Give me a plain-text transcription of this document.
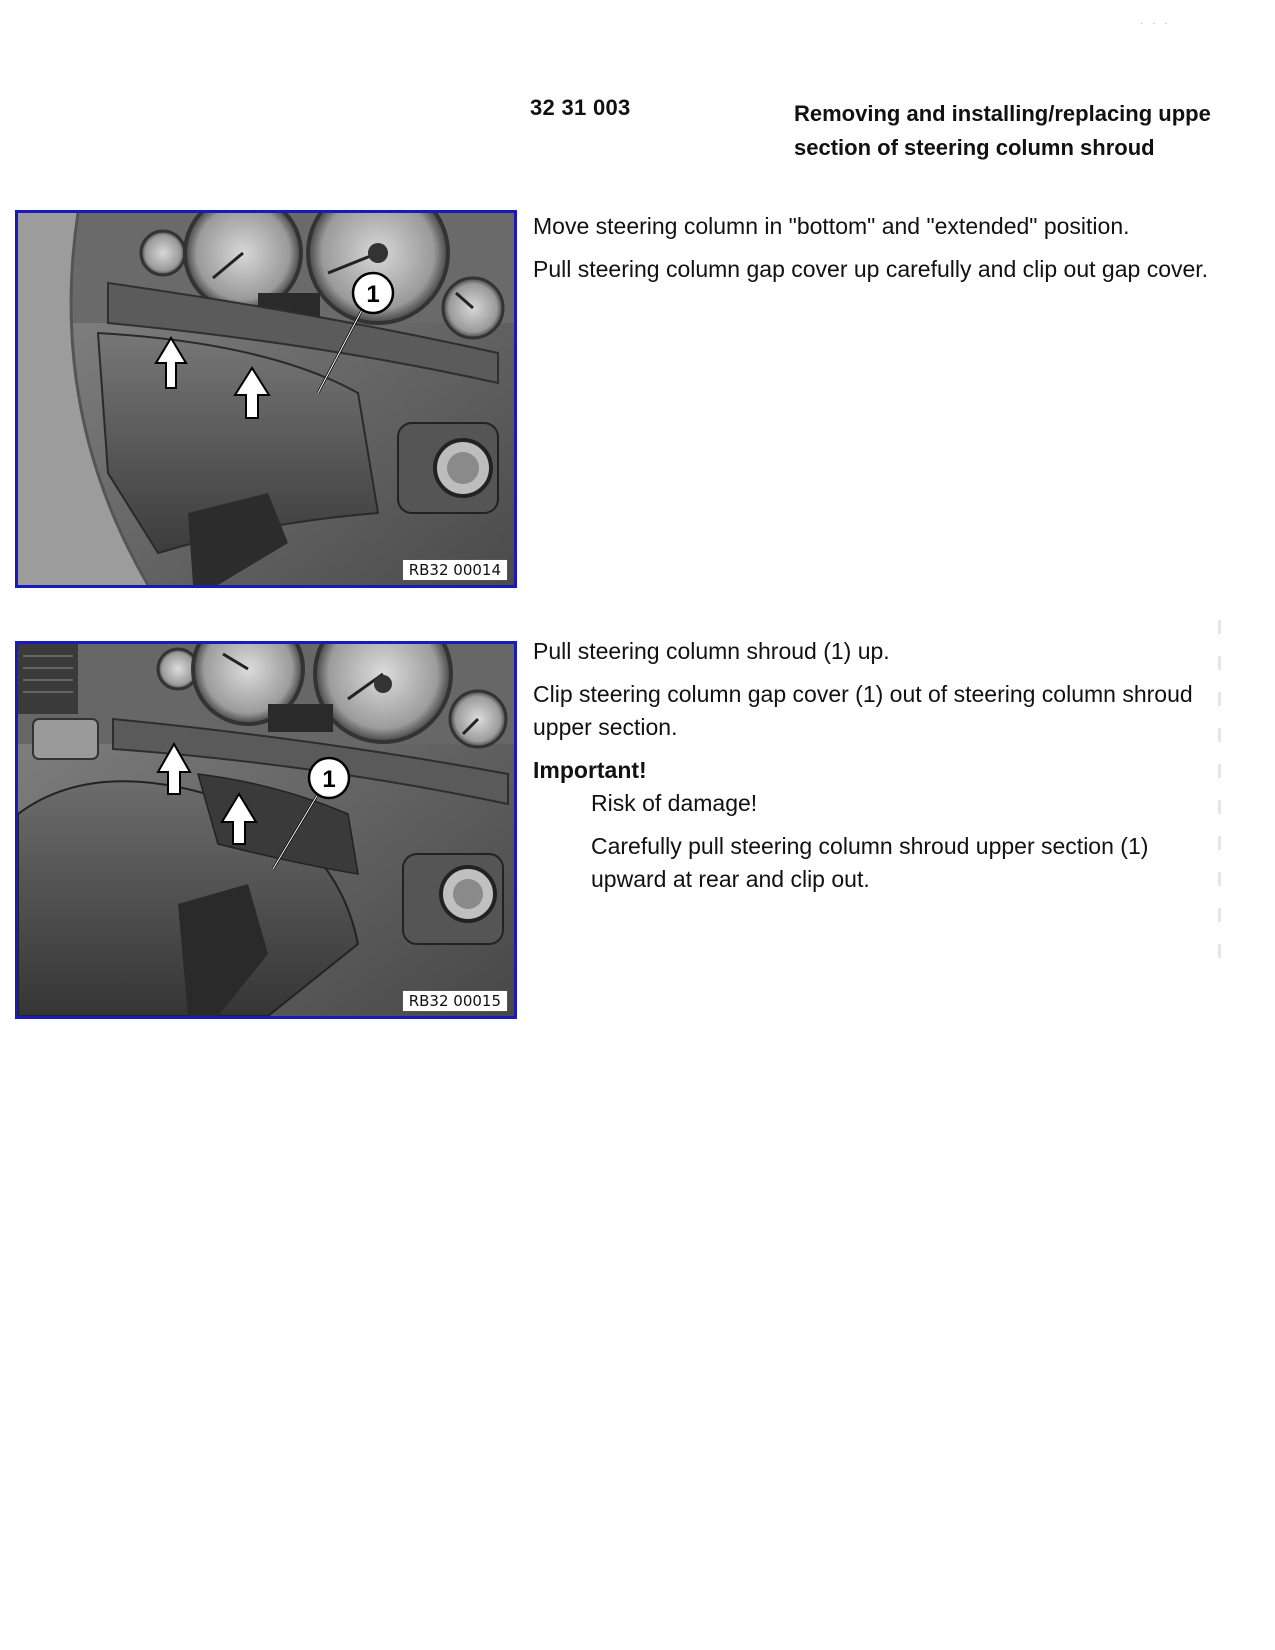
· · ·
32 31 003	Removing and installing/replacing uppe
section of steering column shroud
1
RB32 00014

Move steering column in "bottom" and "extended" position.

Pull steering column gap cover up carefully and clip out gap cover.

1
RB32 00015

Pull steering column shroud (1) up.

Clip steering column gap cover (1) out of steering column shroud upper section.

Important!

Risk of damage!

Carefully pull steering column shroud upper section (1) upward at rear and clip out.
